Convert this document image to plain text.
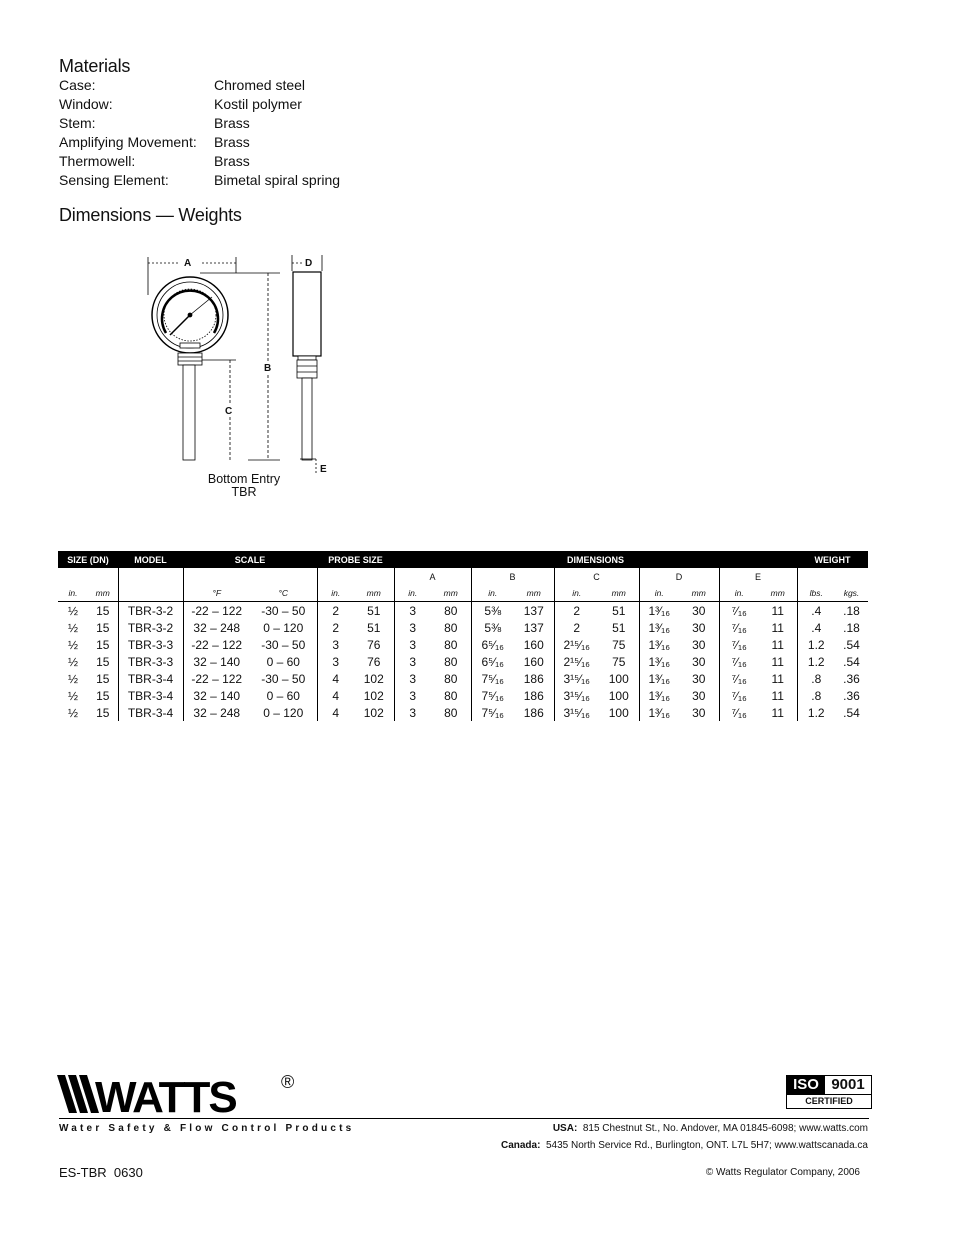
Materials
Case:	Chromed steel
Window:	Kostil polymer
Stem:	Brass
Amplifying Movement: Brass
Thermowell:	Brass
Sensing Element:	Bimetal spiral spring
Dimensions — Weights
A	D
B
C
E
Bottom Entry
TBR
SIZE (DN)		MODEL	SCALE		PROBE SIZE		DIMENSIONS										WEIGHT	
							A		B		C		D		E			
in.	mm		°F	°C	in.	mm	in.	mm	in.	mm	in.	mm	in.	mm	in.	mm	lbs.	kgs.
½	15	TBR-3-2	-22 – 122	-30 – 50	2	51	3	80	5⅜	137	2	51	1³⁄₁₆	30	⁷⁄₁₆	11	.4	.18
½	15	TBR-3-2	32 – 248	0 – 120	2	51	3	80	5⅜	137	2	51	1³⁄₁₆	30	⁷⁄₁₆	11	.4	.18
½	15	TBR-3-3	-22 – 122	-30 – 50	3	76	3	80	6⁵⁄₁₆	160	2¹⁵⁄₁₆	75	1³⁄₁₆	30	⁷⁄₁₆	11	1.2	.54
½	15	TBR-3-3	32 – 140	0 – 60	3	76	3	80	6⁵⁄₁₆	160	2¹⁵⁄₁₆	75	1³⁄₁₆	30	⁷⁄₁₆	11	1.2	.54
½	15	TBR-3-4	-22 – 122	-30 – 50	4	102	3	80	7⁵⁄₁₆	186	3¹⁵⁄₁₆	100	1³⁄₁₆	30	⁷⁄₁₆	11	.8	.36
½	15	TBR-3-4	32 – 140	0 – 60	4	102	3	80	7⁵⁄₁₆	186	3¹⁵⁄₁₆	100	1³⁄₁₆	30	⁷⁄₁₆	11	.8	.36
½	15	TBR-3-4	32 – 248	0 – 120	4	102	3	80	7⁵⁄₁₆	186	3¹⁵⁄₁₆	100	1³⁄₁₆	30	⁷⁄₁₆	11	1.2	.54
WATTS	®	ISO 9001
CERTIFIED
Water Safety & Flow Control Products	USA: 815 Chestnut St., No. Andover, MA 01845-6098; www.watts.com
Canada: 5435 North Service Rd., Burlington, ONT. L7L 5H7; www.wattscanada.ca
ES-TBR  0630	© Watts Regulator Company, 2006
